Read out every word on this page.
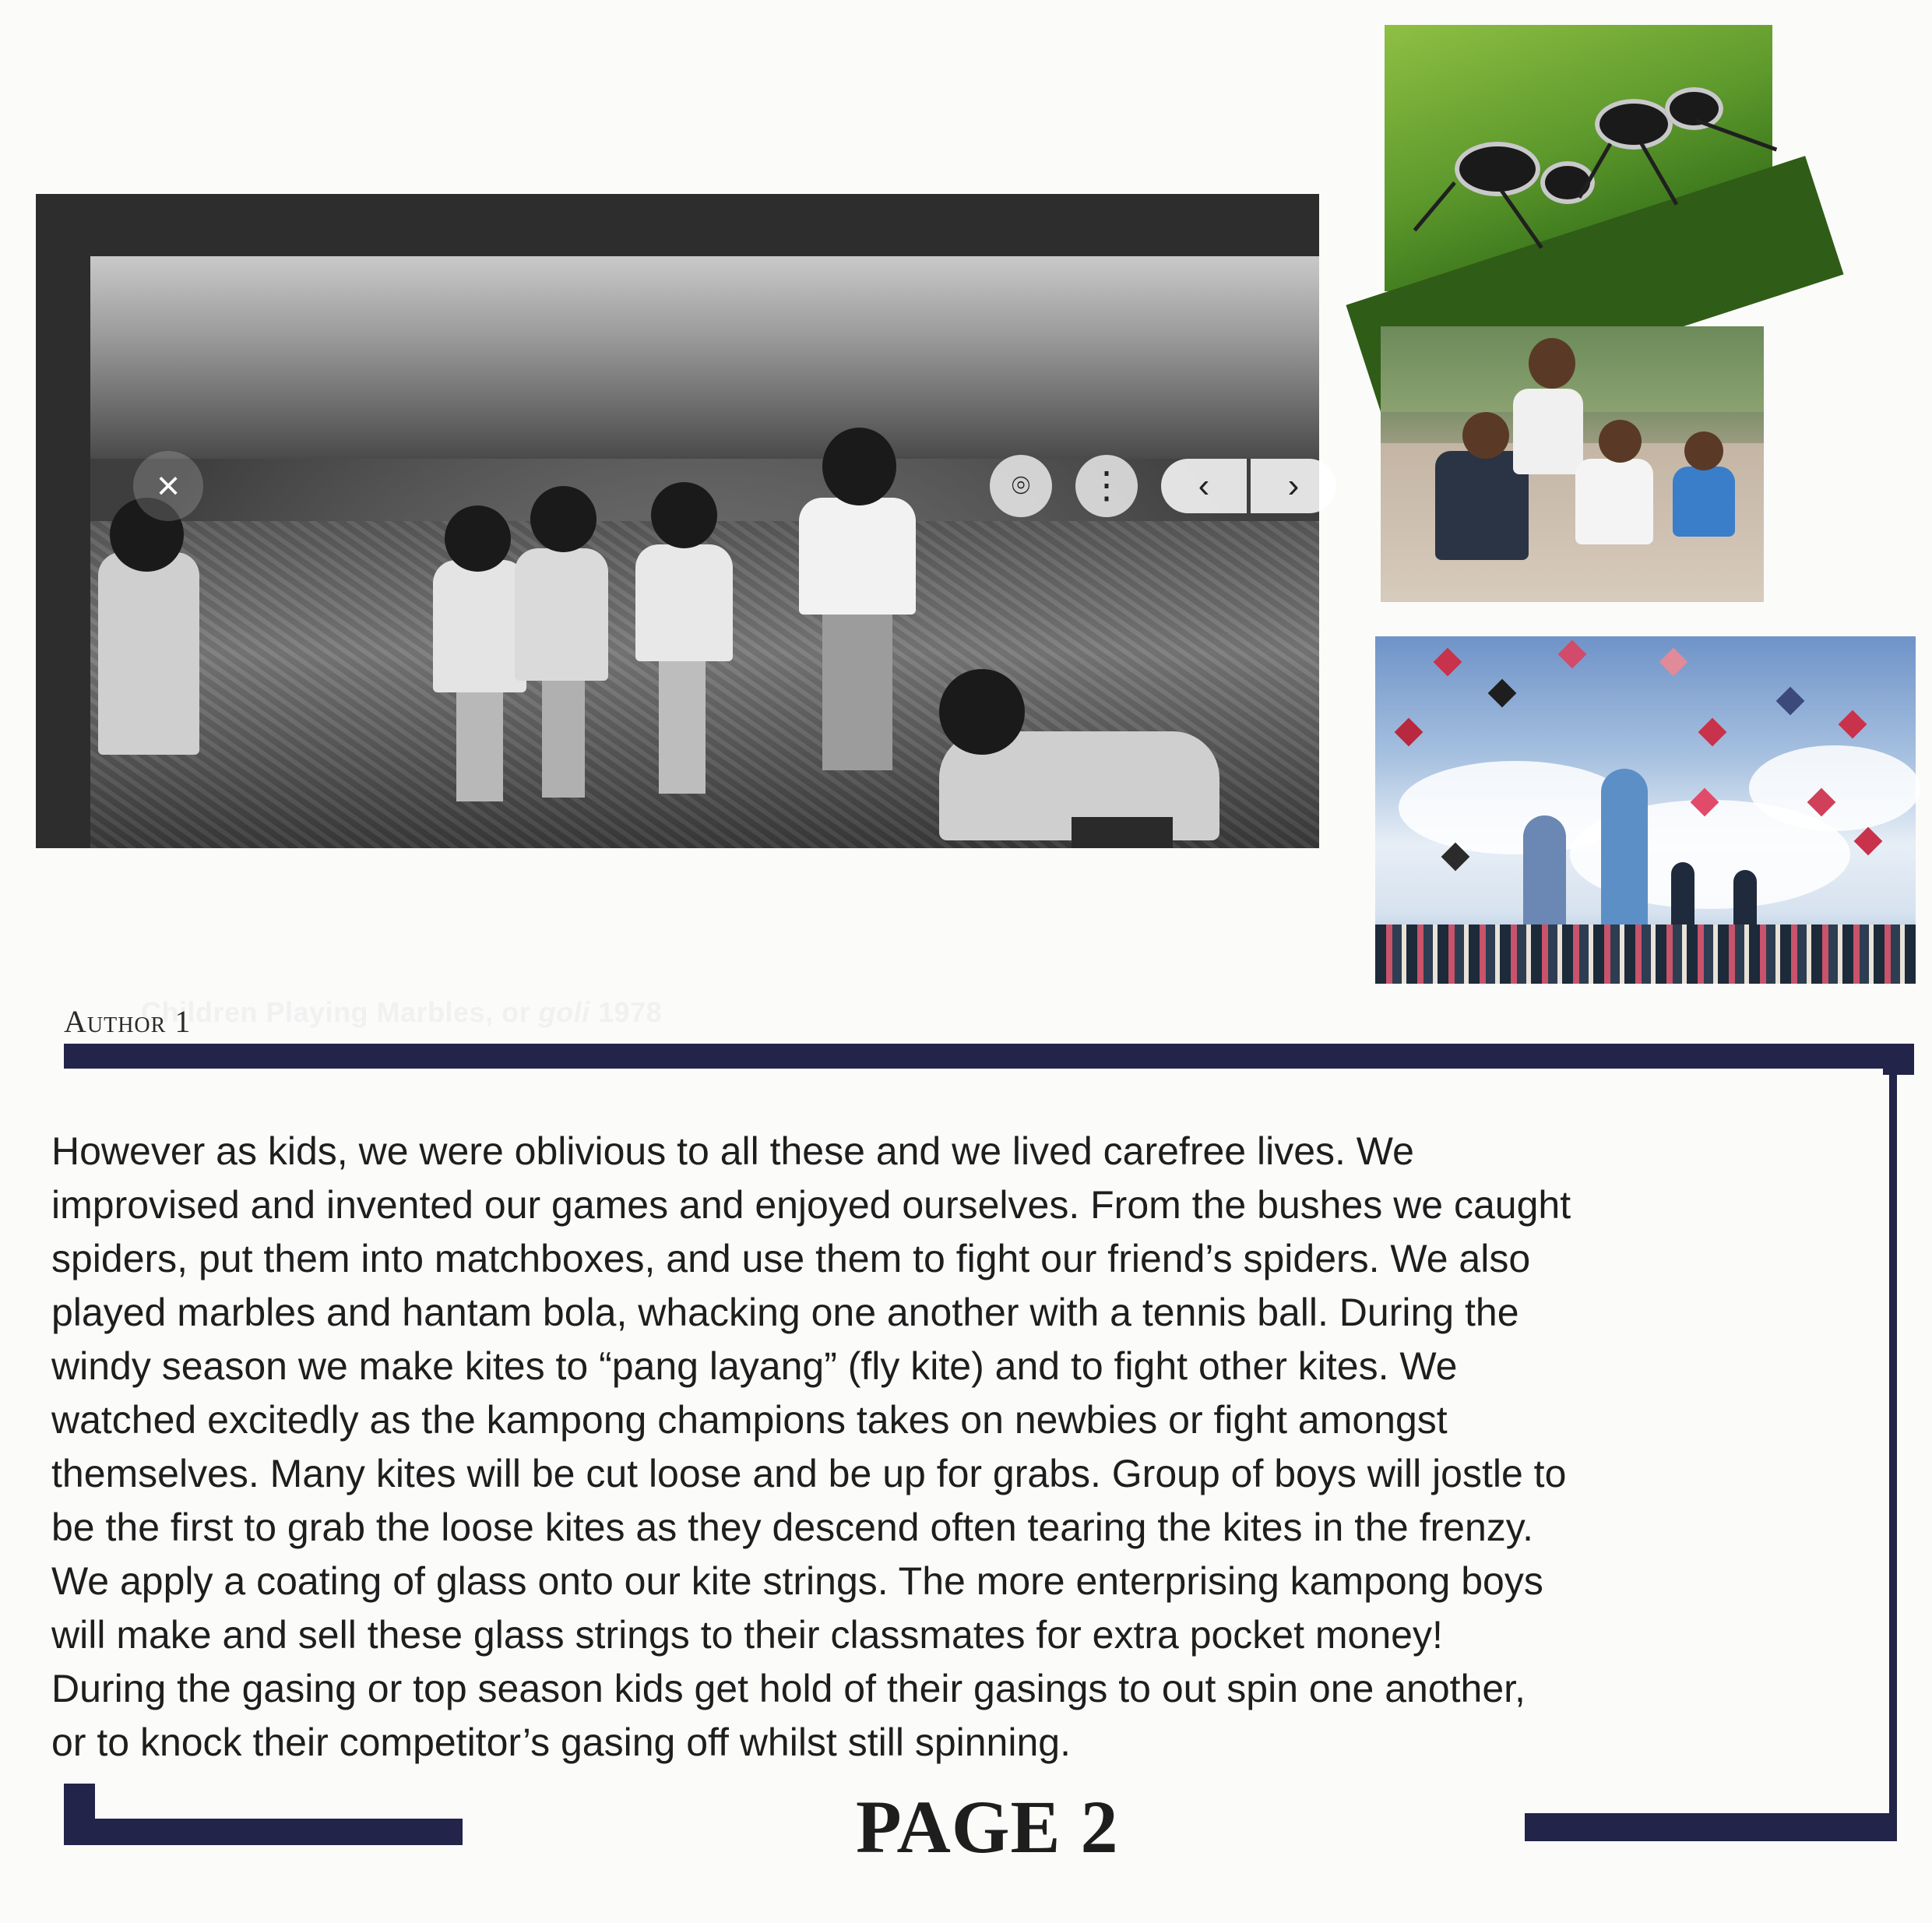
×	⌾	⋮	‹	›
Children Playing Marbles, or goli 1978
Author 1
However as kids, we were oblivious to all these and we lived carefree lives. We
improvised and invented our games and enjoyed ourselves. From the bushes we caught
spiders, put them into matchboxes, and use them to fight our friend’s spiders. We also
played marbles and hantam bola, whacking one another with a tennis ball. During the
windy season we make kites to “pang layang” (fly kite) and to fight other kites. We
watched excitedly as the kampong champions takes on newbies or fight amongst
themselves. Many kites will be cut loose and be up for grabs. Group of boys will jostle to
be the first to grab the loose kites as they descend often tearing the kites in the frenzy.
We apply a coating of glass onto our kite strings. The more enterprising kampong boys
will make and sell these glass strings to their classmates for extra pocket money!
During the gasing or top season kids get hold of their gasings to out spin one another,
or to knock their competitor’s gasing off whilst still spinning.
PAGE 2
